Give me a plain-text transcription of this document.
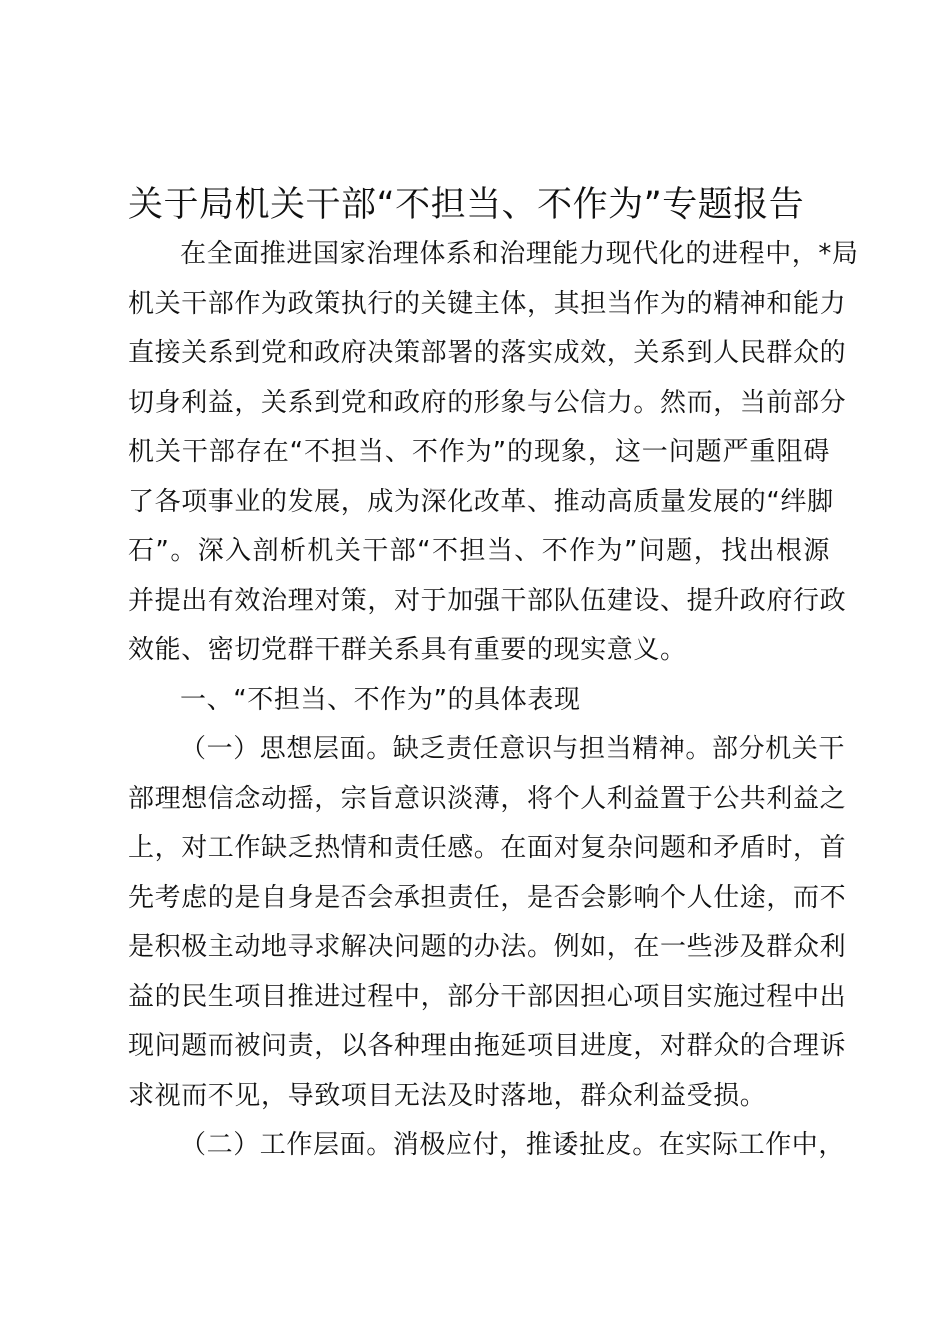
关于局机关干部“不担当、不作为”专题报告
在全面推进国家治理体系和治理能力现代化的进程中，*局
机关干部作为政策执行的关键主体，其担当作为的精神和能力
直接关系到党和政府决策部署的落实成效，关系到人民群众的
切身利益，关系到党和政府的形象与公信力。然而，当前部分
机关干部存在“不担当、不作为”的现象，这一问题严重阻碍
了各项事业的发展，成为深化改革、推动高质量发展的“绊脚
石”。深入剖析机关干部“不担当、不作为”问题，找出根源
并提出有效治理对策，对于加强干部队伍建设、提升政府行政
效能、密切党群干群关系具有重要的现实意义。
一、“不担当、不作为”的具体表现
（一）思想层面。缺乏责任意识与担当精神。部分机关干
部理想信念动摇，宗旨意识淡薄，将个人利益置于公共利益之
上，对工作缺乏热情和责任感。在面对复杂问题和矛盾时，首
先考虑的是自身是否会承担责任，是否会影响个人仕途，而不
是积极主动地寻求解决问题的办法。例如，在一些涉及群众利
益的民生项目推进过程中，部分干部因担心项目实施过程中出
现问题而被问责，以各种理由拖延项目进度，对群众的合理诉
求视而不见，导致项目无法及时落地，群众利益受损。
（二）工作层面。消极应付，推诿扯皮。在实际工作中，
